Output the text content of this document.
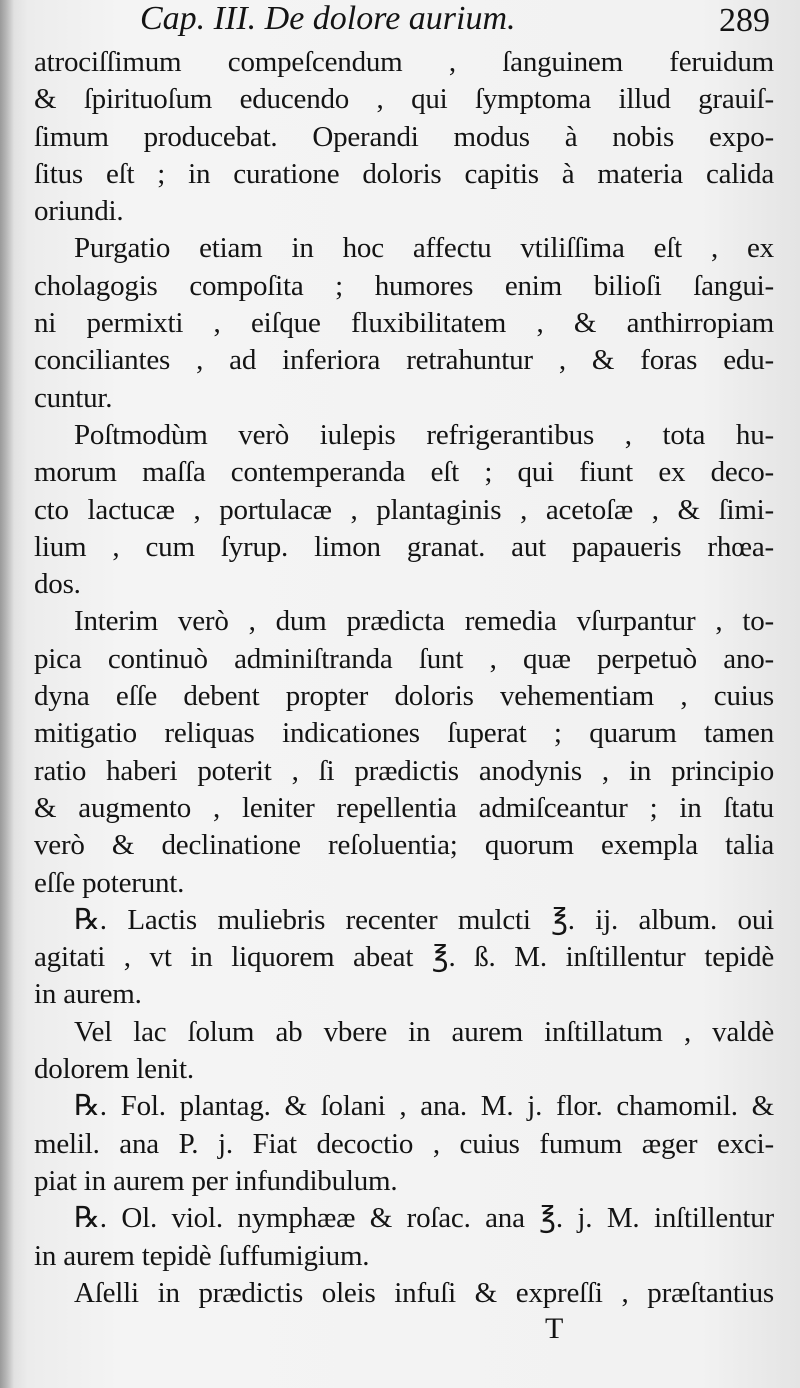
Cap. III. De dolore aurium.	289
atrociſſimum compeſcendum , ſanguinem feruidum
& ſpirituoſum educendo , qui ſymptoma illud grauiſ-
ſimum producebat. Operandi modus à nobis expo-
ſitus eſt ; in curatione doloris capitis à materia calida
oriundi.
Purgatio etiam in hoc affectu vtiliſſima eſt , ex
cholagogis compoſita ; humores enim bilioſi ſangui-
ni permixti , eiſque fluxibilitatem , & anthirropiam
conciliantes , ad inferiora retrahuntur , & foras edu-
cuntur.
Poſtmodùm verò iulepis refrigerantibus , tota hu-
morum maſſa contemperanda eſt ; qui fiunt ex deco-
cto lactucæ , portulacæ , plantaginis , acetoſæ , & ſimi-
lium , cum ſyrup. limon granat. aut papaueris rhœa-
dos.
Interim verò , dum prædicta remedia vſurpantur , to-
pica continuò adminiſtranda ſunt , quæ perpetuò ano-
dyna eſſe debent propter doloris vehementiam , cuius
mitigatio reliquas indicationes ſuperat ; quarum tamen
ratio haberi poterit , ſi prædictis anodynis , in principio
& augmento , leniter repellentia admiſceantur ; in ſtatu
verò & declinatione reſoluentia; quorum exempla talia
eſſe poterunt.
℞. Lactis muliebris recenter mulcti ℥. ij. album. oui
agitati , vt in liquorem abeat ℥. ß. M. inſtillentur tepidè
in aurem.
Vel lac ſolum ab vbere in aurem inſtillatum , valdè
dolorem lenit.
℞. Fol. plantag. & ſolani , ana. M. j. flor. chamomil. &
melil. ana P. j. Fiat decoctio , cuius fumum æger exci-
piat in aurem per infundibulum.
℞. Ol. viol. nymphææ & roſac. ana ℥. j. M. inſtillentur
in aurem tepidè ſuffumigium.
Aſelli in prædictis oleis infuſi & expreſſi , præſtantius
T
